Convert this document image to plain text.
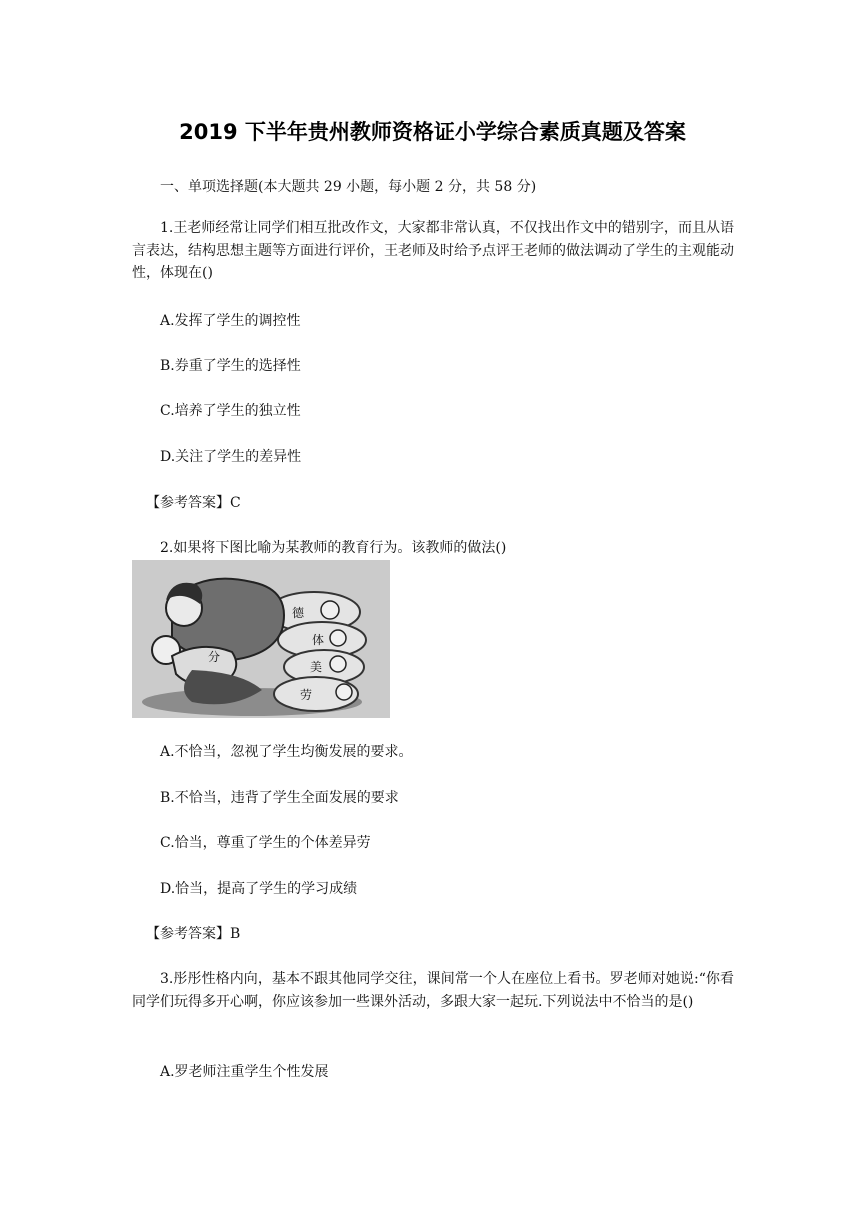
2019 下半年贵州教师资格证小学综合素质真题及答案
一、单项选择题(本大题共 29 小题，每小题 2 分，共 58 分)
1.王老师经常让同学们相互批改作文，大家都非常认真，不仅找出作文中的错别字，而且从语言表达，结构思想主题等方面进行评价，王老师及时给予点评王老师的做法调动了学生的主观能动性，体现在()
A.发挥了学生的调控性
B.券重了学生的选择性
C.培养了学生的独立性
D.关注了学生的差异性
【参考答案】C
2.如果将下图比喻为某教师的教育行为。该教师的做法()
德
体
美
劳
分
A.不恰当，忽视了学生均衡发展的要求。
B.不恰当，违背了学生全面发展的要求
C.恰当，尊重了学生的个体差异劳
D.恰当，提高了学生的学习成绩
【参考答案】B
3.彤彤性格内向，基本不跟其他同学交往，课间常一个人在座位上看书。罗老师对她说:“你看同学们玩得多开心啊，你应该参加一些课外活动，多跟大家一起玩.下列说法中不恰当的是()
A.罗老师注重学生个性发展
